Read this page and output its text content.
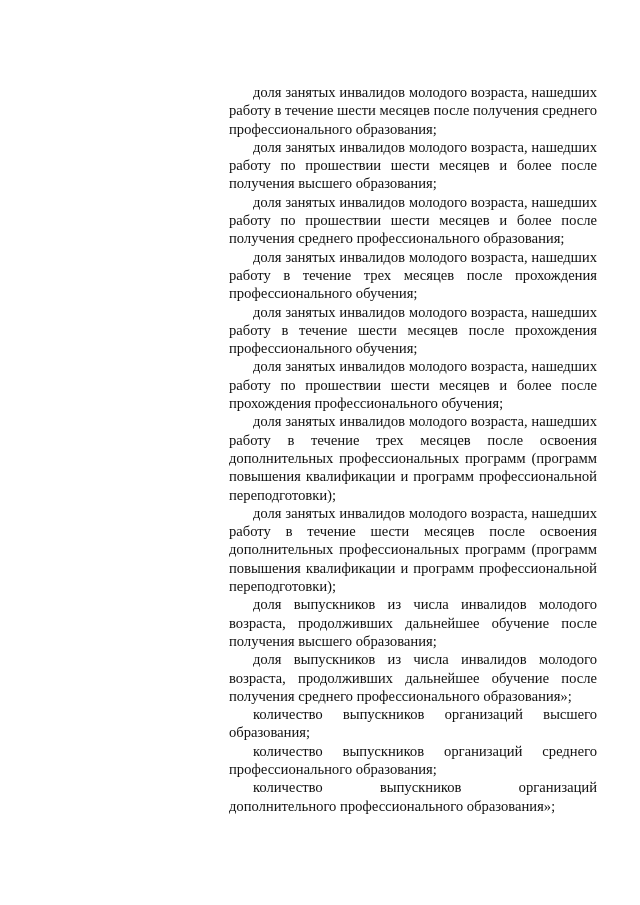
доля занятых инвалидов молодого возраста, нашедших работу в течение шести месяцев после получения среднего профессионального образования;

доля занятых инвалидов молодого возраста, нашедших работу по прошествии шести месяцев и более после получения высшего образования;

доля занятых инвалидов молодого возраста, нашедших работу по прошествии шести месяцев и более после получения среднего профессионального образования;

доля занятых инвалидов молодого возраста, нашедших работу в течение трех месяцев после прохождения профессионального обучения;

доля занятых инвалидов молодого возраста, нашедших работу в течение шести месяцев после прохождения профессионального обучения;

доля занятых инвалидов молодого возраста, нашедших работу по прошествии шести месяцев и более после прохождения профессионального обучения;

доля занятых инвалидов молодого возраста, нашедших работу в течение трех месяцев после освоения дополнительных профессиональных программ (программ повышения квалификации и программ профессиональной переподготовки);

доля занятых инвалидов молодого возраста, нашедших работу в течение шести месяцев после освоения дополнительных профессиональных программ (программ повышения квалификации и программ профессиональной переподготовки);

доля выпускников из числа инвалидов молодого возраста, продолживших дальнейшее обучение после получения высшего образования;

доля выпускников из числа инвалидов молодого возраста, продолживших дальнейшее обучение после получения среднего профессионального образования»;

количество выпускников организаций высшего образования;

количество выпускников организаций среднего профессионального образования;

количество выпускников организаций дополнительного профессионального образования»;
